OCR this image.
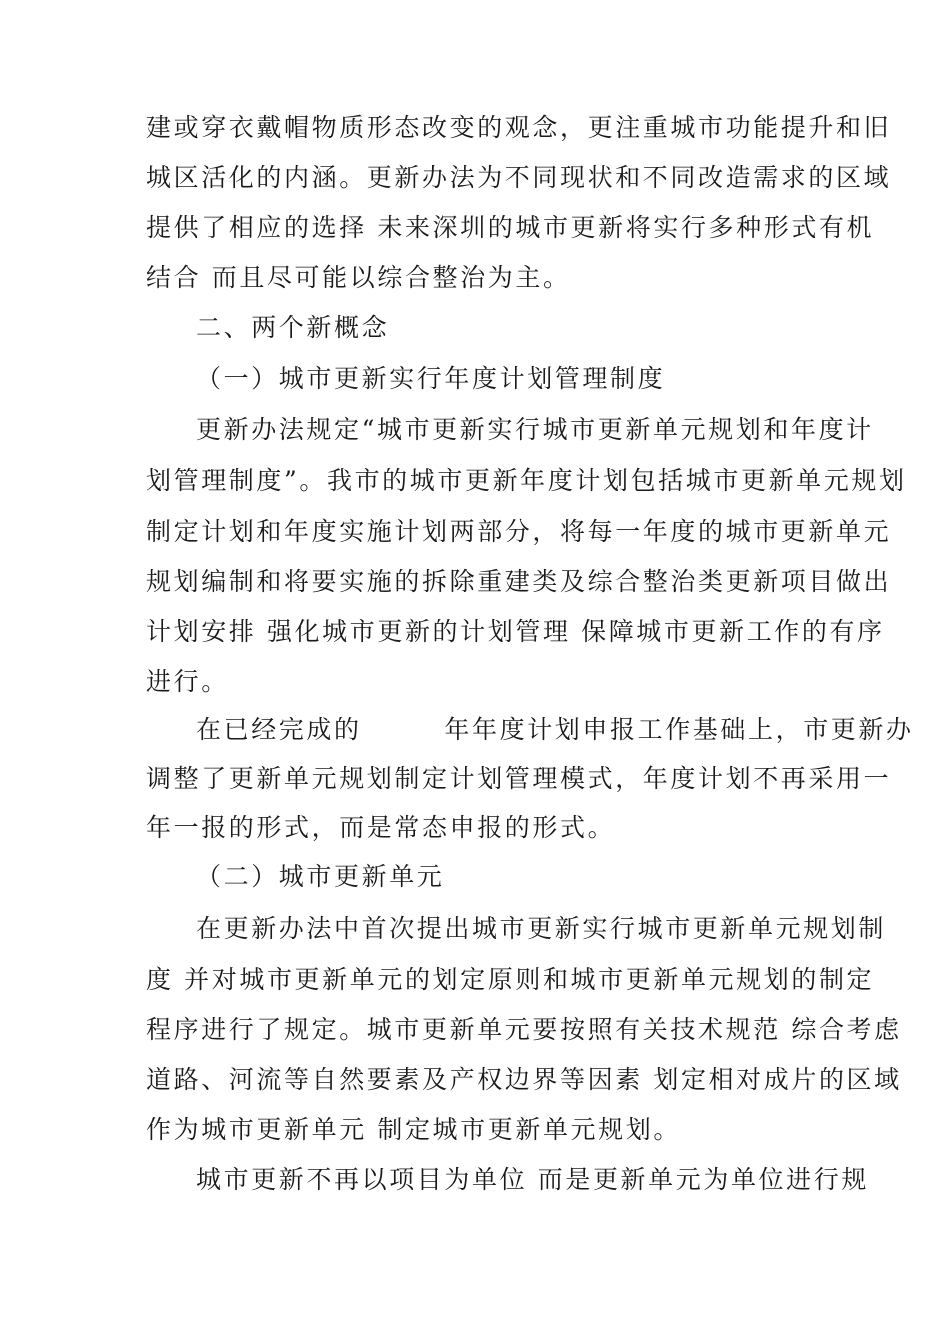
建或穿衣戴帽物质形态改变的观念，更注重城市功能提升和旧
城区活化的内涵。更新办法为不同现状和不同改造需求的区域
提供了相应的选择 未来深圳的城市更新将实行多种形式有机
结合 而且尽可能以综合整治为主。
二、两个新概念
（一）城市更新实行年度计划管理制度
更新办法规定“城市更新实行城市更新单元规划和年度计
划管理制度”。我市的城市更新年度计划包括城市更新单元规划
制定计划和年度实施计划两部分，将每一年度的城市更新单元
规划编制和将要实施的拆除重建类及综合整治类更新项目做出
计划安排 强化城市更新的计划管理 保障城市更新工作的有序
进行。
在已经完成的　　　年年度计划申报工作基础上，市更新办
调整了更新单元规划制定计划管理模式，年度计划不再采用一
年一报的形式，而是常态申报的形式。
（二）城市更新单元
在更新办法中首次提出城市更新实行城市更新单元规划制
度 并对城市更新单元的划定原则和城市更新单元规划的制定
程序进行了规定。城市更新单元要按照有关技术规范 综合考虑
道路、河流等自然要素及产权边界等因素 划定相对成片的区域
作为城市更新单元 制定城市更新单元规划。
城市更新不再以项目为单位 而是更新单元为单位进行规
